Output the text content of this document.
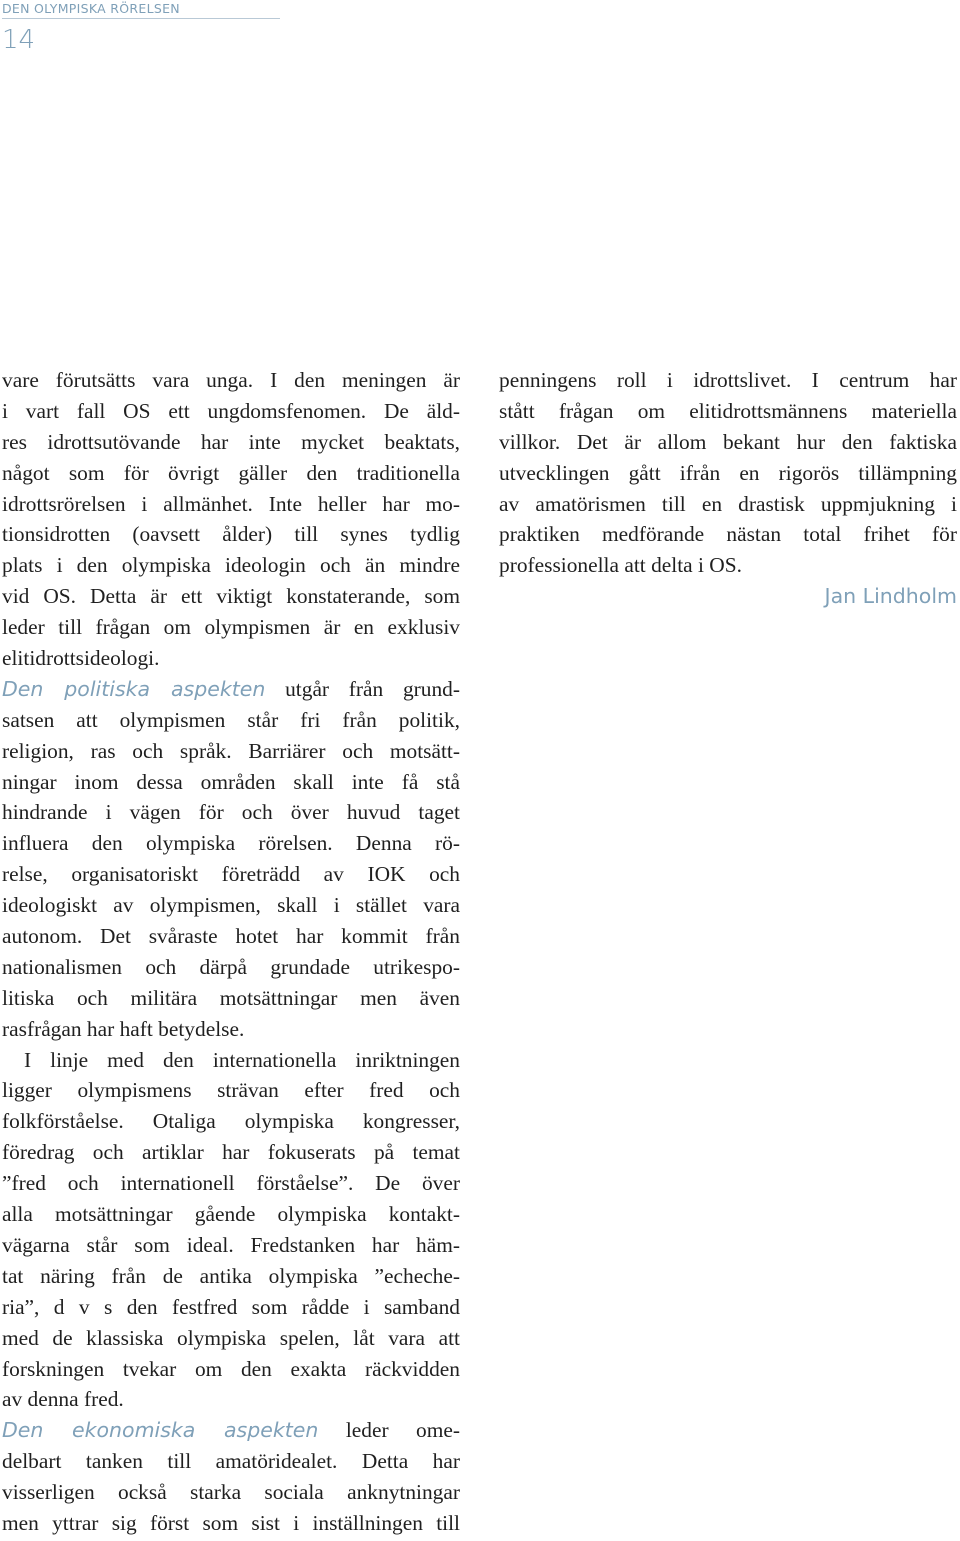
DEN OLYMPISKA RÖRELSEN
14
vare förutsätts vara unga. I den meningen är
i vart fall OS ett ungdomsfenomen. De äld-
res idrottsutövande har inte mycket beaktats,
något som för övrigt gäller den traditionella
idrottsrörelsen i allmänhet. Inte heller har mo-
tionsidrotten (oavsett ålder) till synes tydlig
plats i den olympiska ideologin och än mindre
vid OS. Detta är ett viktigt konstaterande, som
leder till frågan om olympismen är en exklusiv
elitidrottsideologi.
Den politiska aspekten utgår från grund-
satsen att olympismen står fri från politik,
religion, ras och språk. Barriärer och motsätt-
ningar inom dessa områden skall inte få stå
hindrande i vägen för och över huvud taget
influera den olympiska rörelsen. Denna rö-
relse, organisatoriskt företrädd av IOK och
ideologiskt av olympismen, skall i stället vara
autonom. Det svåraste hotet har kommit från
nationalismen och därpå grundade utrikespo-
litiska och militära motsättningar men även
rasfrågan har haft betydelse.
I linje med den internationella inriktningen
ligger olympismens strävan efter fred och
folkförståelse. Otaliga olympiska kongresser,
föredrag och artiklar har fokuserats på temat
”fred och internationell förståelse”. De över
alla motsättningar gående olympiska kontakt-
vägarna står som ideal. Fredstanken har häm-
tat näring från de antika olympiska ”echeche-
ria”, d v s den festfred som rådde i samband
med de klassiska olympiska spelen, låt vara att
forskningen tvekar om den exakta räckvidden
av denna fred.
Den ekonomiska aspekten leder ome-
delbart tanken till amatöridealet. Detta har
visserligen också starka sociala anknytningar
men yttrar sig först som sist i inställningen till
penningens roll i idrottslivet. I centrum har
stått frågan om elitidrottsmännens materiella
villkor. Det är allom bekant hur den faktiska
utvecklingen gått ifrån en rigorös tillämpning
av amatörismen till en drastisk uppmjukning i
praktiken medförande nästan total frihet för
professionella att delta i OS.
Jan Lindholm
